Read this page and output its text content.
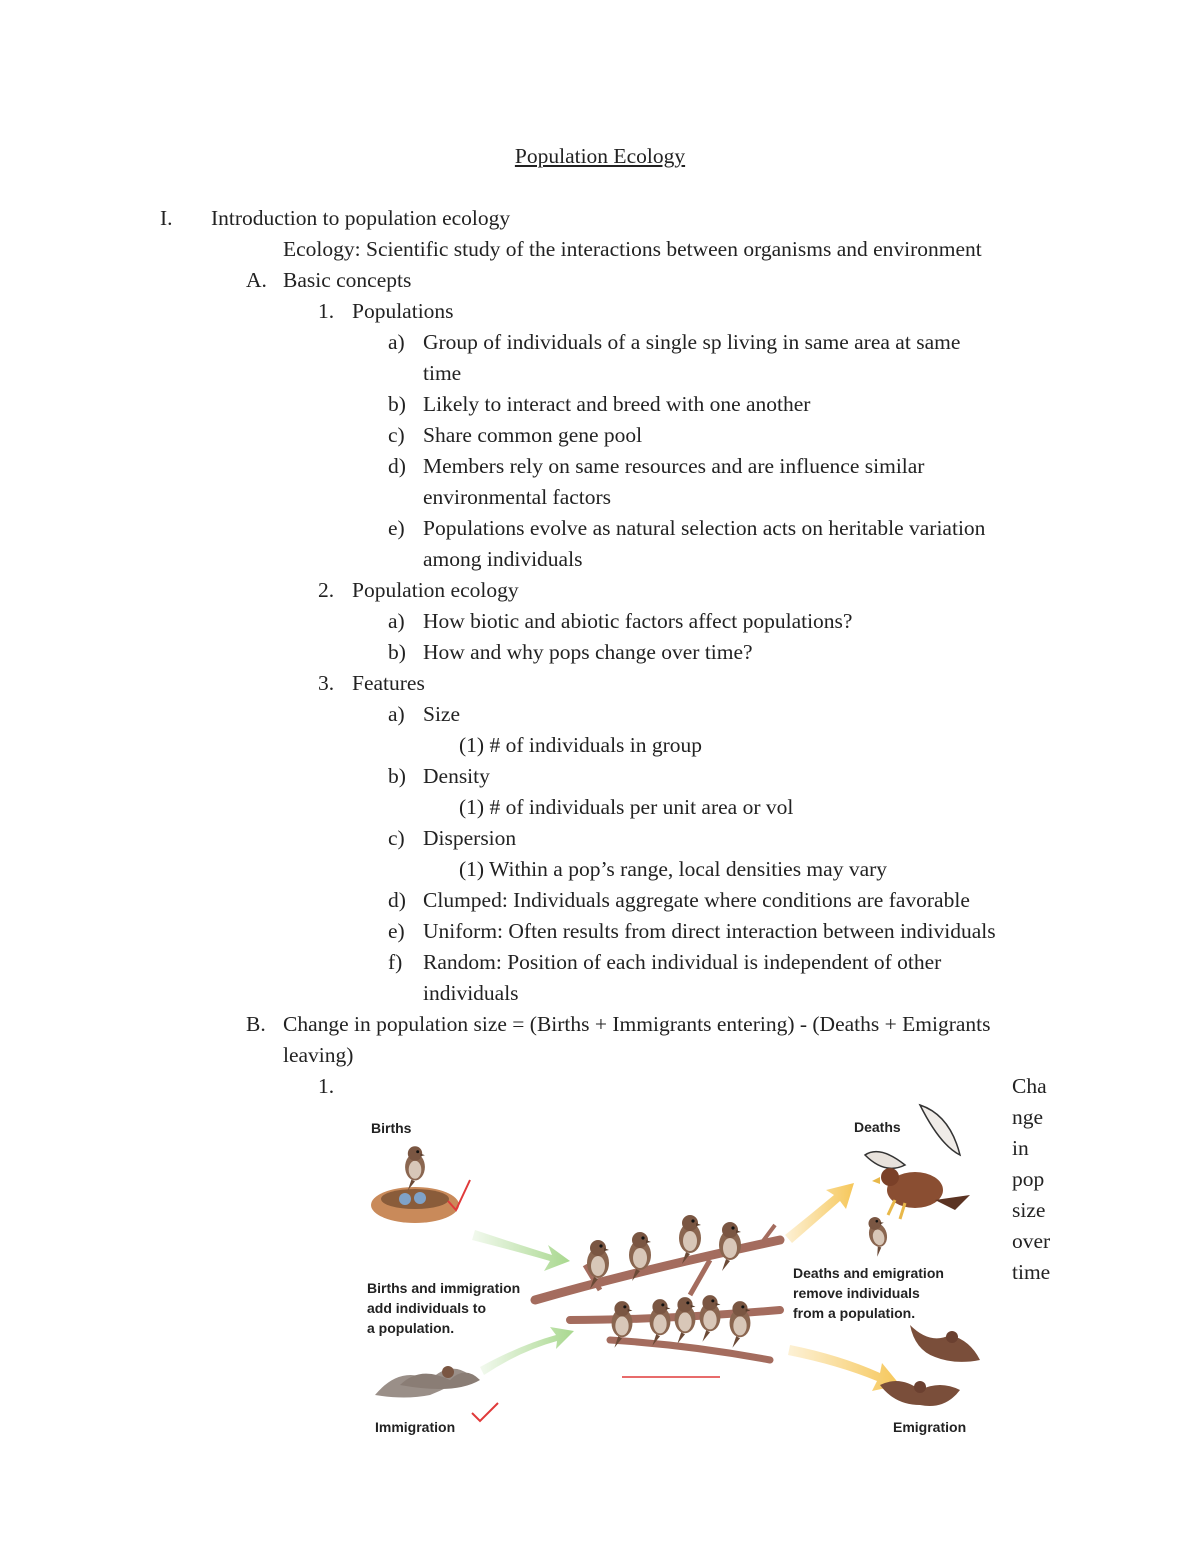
Population Ecology

I. Introduction to population ecology

Ecology: Scientific study of the interactions between organisms and environment

A. Basic concepts

1. Populations

a) Group of individuals of a single sp living in same area at same

time

b) Likely to interact and breed with one another

c) Share common gene pool

d) Members rely on same resources and are influence similar

environmental factors

e) Populations evolve as natural selection acts on heritable variation

among individuals

2. Population ecology

a) How biotic and abiotic factors affect populations?

b) How and why pops change over time?

3. Features

a) Size

(1) # of individuals in group

b) Density

(1) # of individuals per unit area or vol

c) Dispersion

(1) Within a pop’s range, local densities may vary

d) Clumped: Individuals aggregate where conditions are favorable

e) Uniform: Often results from direct interaction between individuals

f) Random: Position of each individual is independent of other

individuals

B. Change in population size = (Births + Immigrants entering) - (Deaths + Emigrants

leaving)

1.	Cha

nge

in

pop

size

over

time

Births	Deaths
Immigration	Emigration
Births and immigration
add individuals to
a population.
Deaths and emigration
remove individuals
from a population.
